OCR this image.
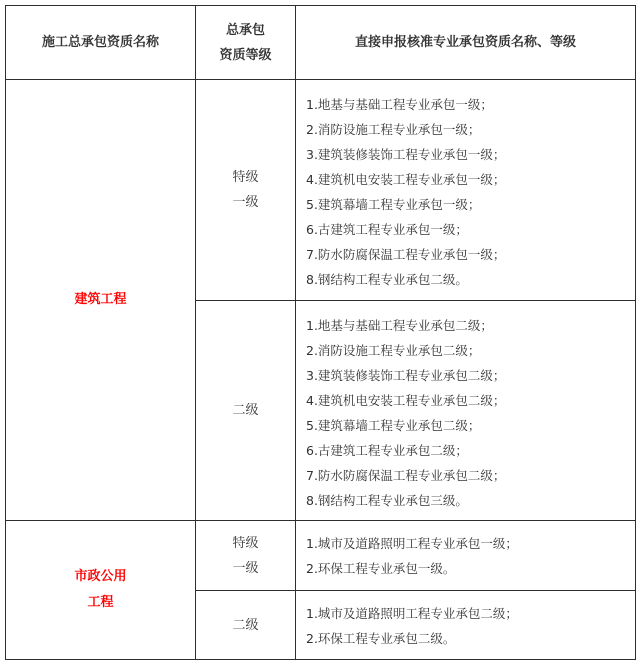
施工总承包资质名称
总承包
资质等级
直接申报核准专业承包资质名称、等级
建筑工程
特级
一级
1.地基与基础工程专业承包一级；
2.消防设施工程专业承包一级；
3.建筑装修装饰工程专业承包一级；
4.建筑机电安装工程专业承包一级；
5.建筑幕墙工程专业承包一级；
6.古建筑工程专业承包一级；
7.防水防腐保温工程专业承包一级；
8.钢结构工程专业承包二级。
二级
1.地基与基础工程专业承包二级；
2.消防设施工程专业承包二级；
3.建筑装修装饰工程专业承包二级；
4.建筑机电安装工程专业承包二级；
5.建筑幕墙工程专业承包二级；
6.古建筑工程专业承包二级；
7.防水防腐保温工程专业承包二级；
8.钢结构工程专业承包三级。
市政公用
工程
特级
一级
1.城市及道路照明工程专业承包一级；
2.环保工程专业承包一级。
二级
1.城市及道路照明工程专业承包二级；
2.环保工程专业承包二级。
